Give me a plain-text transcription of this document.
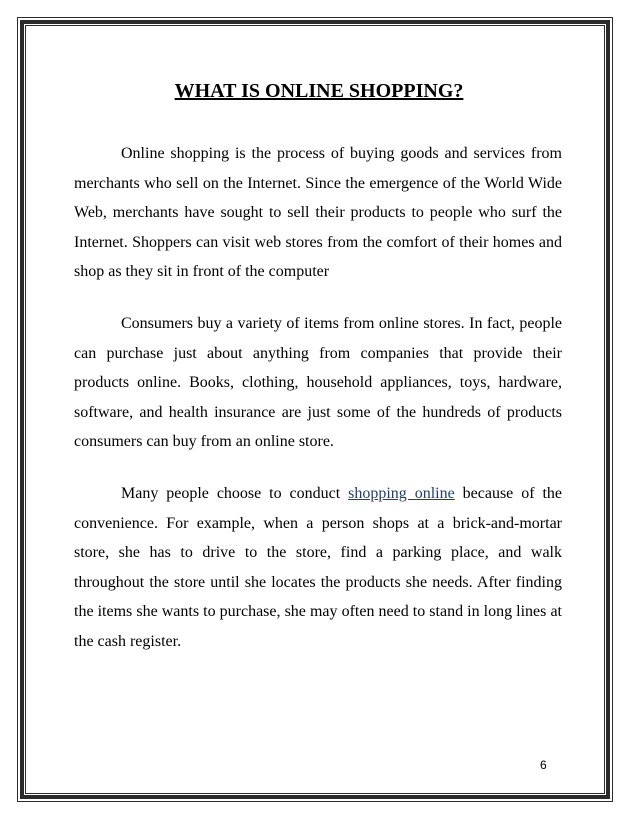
WHAT IS ONLINE SHOPPING?

Online shopping is the process of buying goods and services from merchants who sell on the Internet. Since the emergence of the World Wide Web, merchants have sought to sell their products to people who surf the Internet. Shoppers can visit web stores from the comfort of their homes and shop as they sit in front of the computer

Consumers buy a variety of items from online stores. In fact, people can purchase just about anything from companies that provide their products online. Books, clothing, household appliances, toys, hardware, software, and health insurance are just some of the hundreds of products consumers can buy from an online store.

Many people choose to conduct shopping online because of the convenience. For example, when a person shops at a brick-and-mortar store, she has to drive to the store, find a parking place, and walk throughout the store until she locates the products she needs. After finding the items she wants to purchase, she may often need to stand in long lines at the cash register.

6
